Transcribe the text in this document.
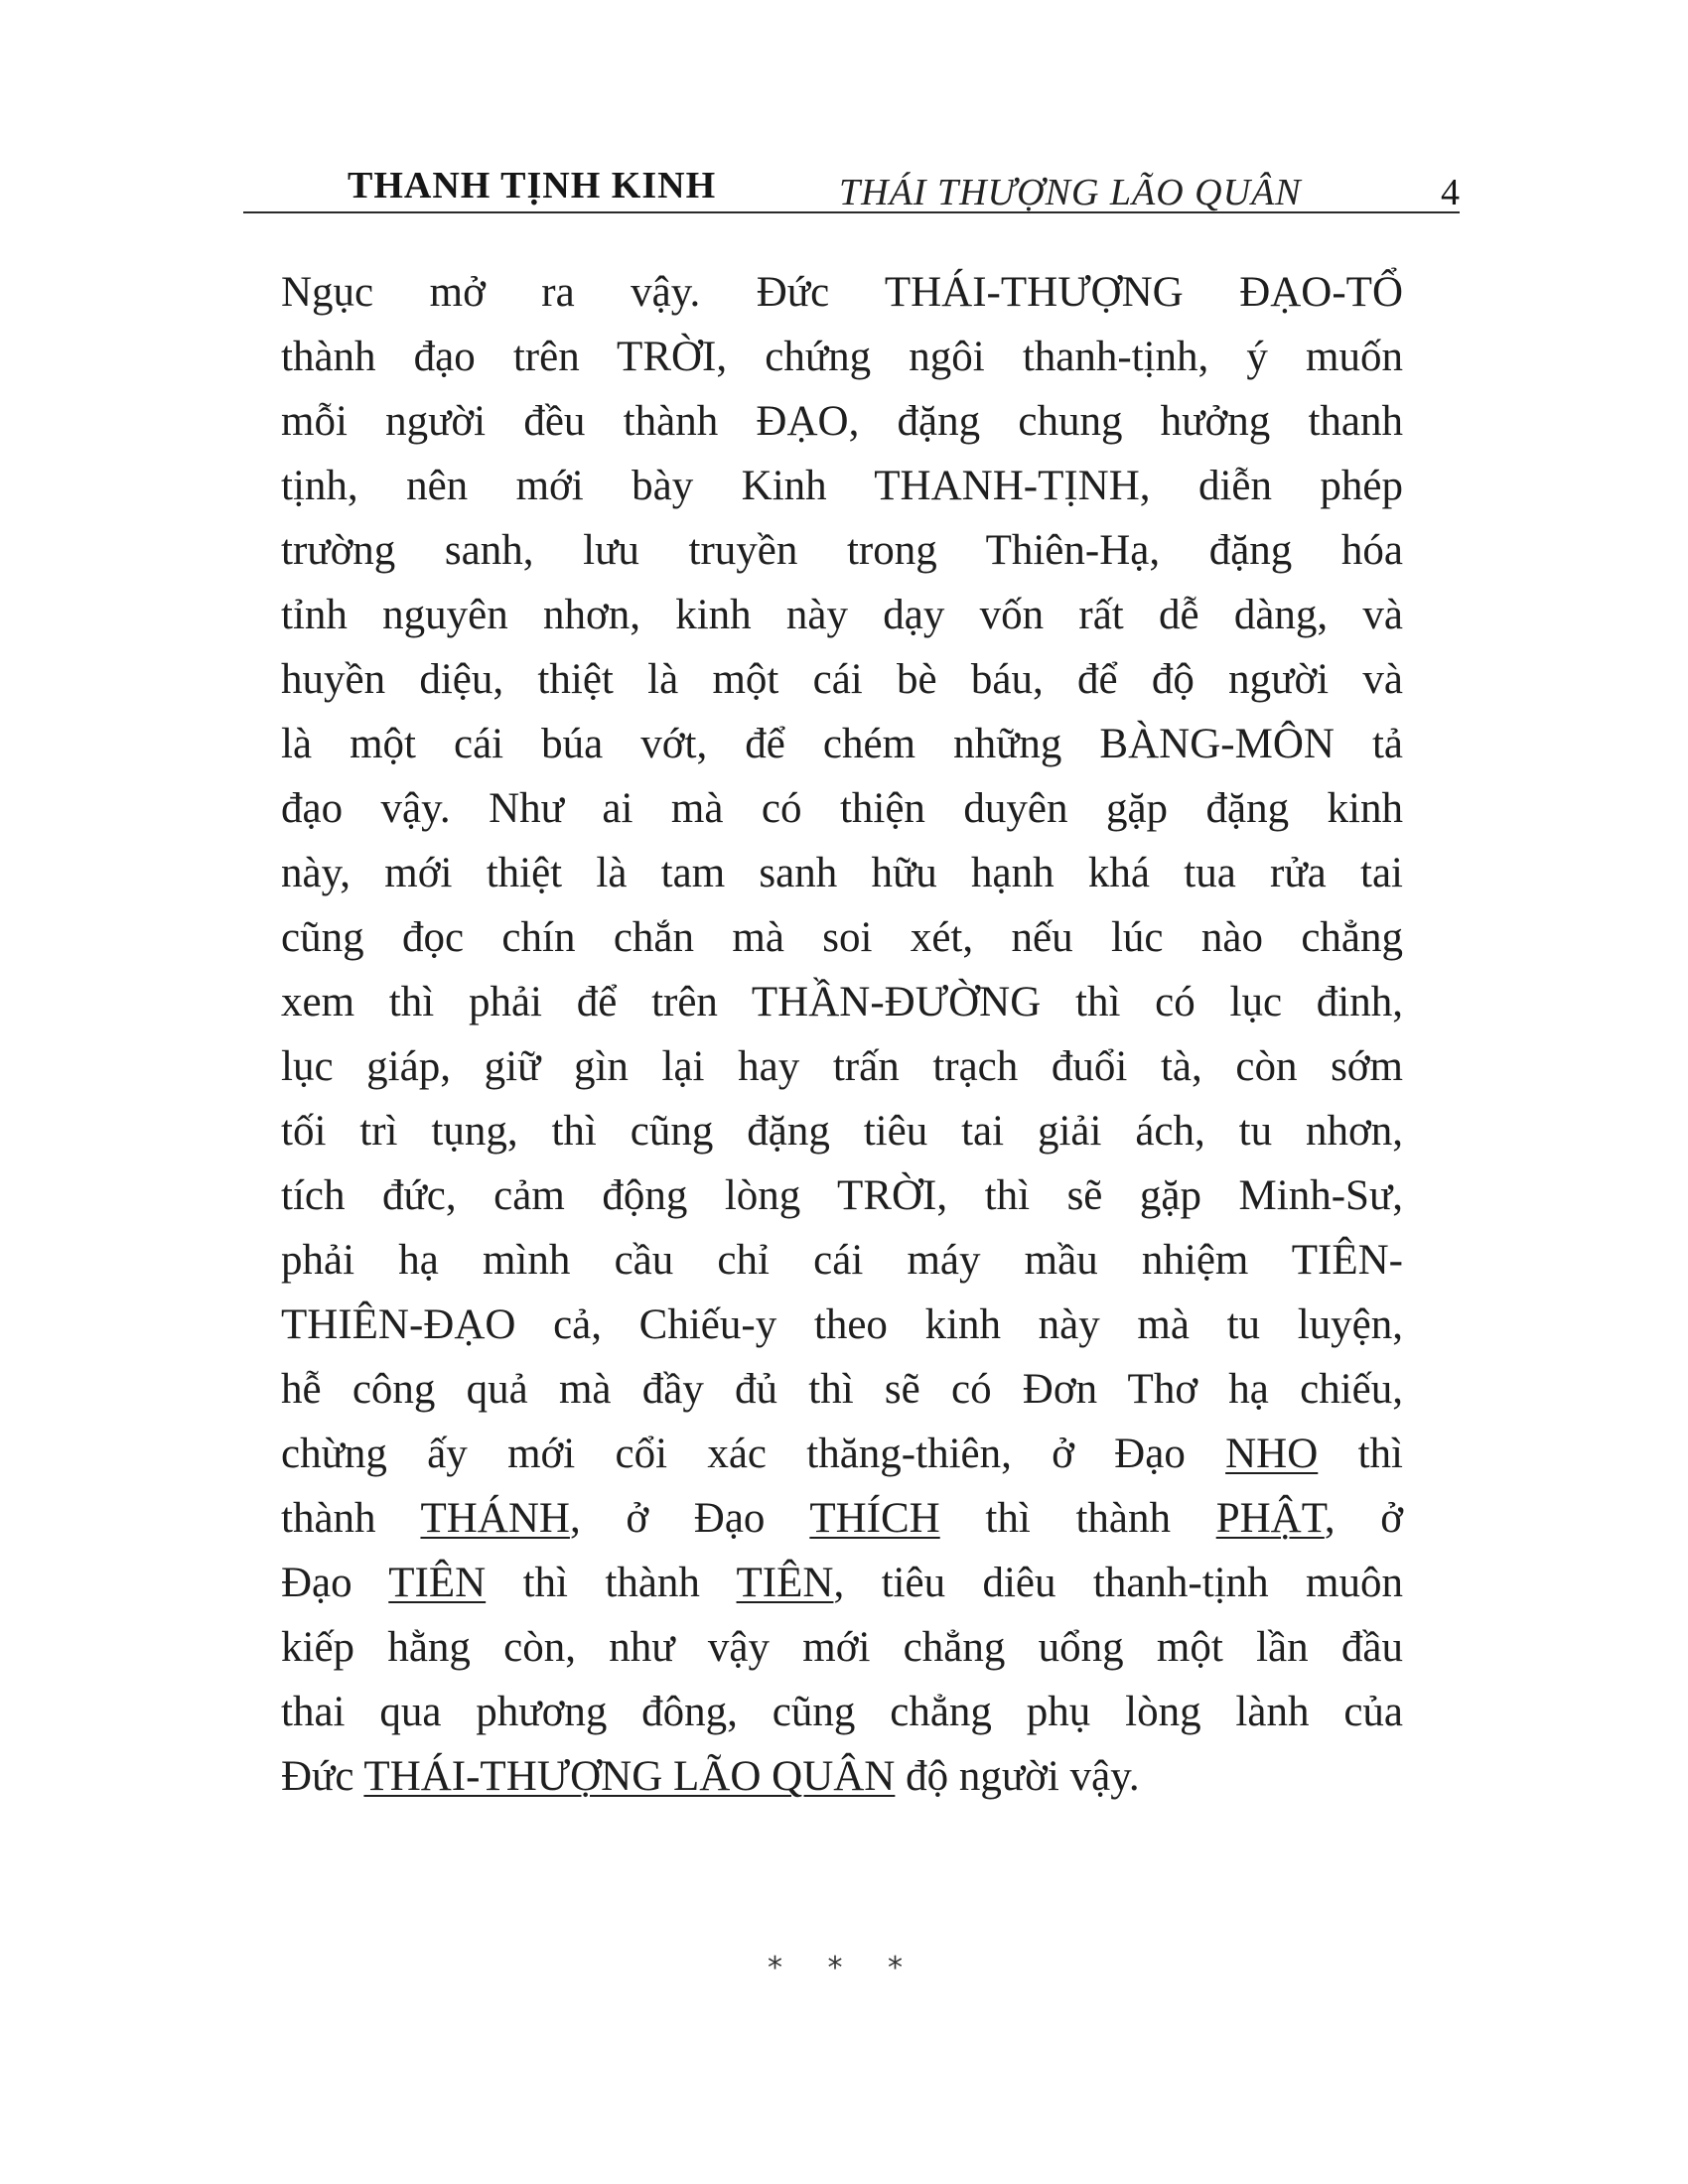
THANH TỊNH KINH	THÁI THƯỢNG LÃO QUÂN	4
Ngục mở ra vậy. Đức THÁI-THƯỢNG ĐẠO-TỔ
thành đạo trên TRỜI, chứng ngôi thanh-tịnh, ý muốn
mỗi người đều thành ĐẠO, đặng chung hưởng thanh
tịnh, nên mới bày Kinh THANH-TỊNH, diễn phép
trường sanh, lưu truyền trong Thiên-Hạ, đặng hóa
tỉnh nguyên nhơn, kinh này dạy vốn rất dễ dàng, và
huyền diệu, thiệt là một cái bè báu, để độ người và
là một cái búa vớt, để chém những BÀNG-MÔN tả
đạo vậy. Như ai mà có thiện duyên gặp đặng kinh
này, mới thiệt là tam sanh hữu hạnh khá tua rửa tai
cũng đọc chín chắn mà soi xét, nếu lúc nào chẳng
xem thì phải để trên THẦN-ĐƯỜNG thì có lục đinh,
lục giáp, giữ gìn lại hay trấn trạch đuổi tà, còn sớm
tối trì tụng, thì cũng đặng tiêu tai giải ách, tu nhơn,
tích đức, cảm động lòng TRỜI, thì sẽ gặp Minh-Sư,
phải hạ mình cầu chỉ cái máy mầu nhiệm TIÊN-
THIÊN-ĐẠO cả, Chiếu-y theo kinh này mà tu luyện,
hễ công quả mà đầy đủ thì sẽ có Đơn Thơ hạ chiếu,
chừng ấy mới cổi xác thăng-thiên, ở Đạo NHO thì
thành THÁNH, ở Đạo THÍCH thì thành PHẬT, ở
Đạo TIÊN thì thành TIÊN, tiêu diêu thanh-tịnh muôn
kiếp hằng còn, như vậy mới chẳng uổng một lần đầu
thai qua phương đông, cũng chẳng phụ lòng lành của
Đức THÁI-THƯỢNG LÃO QUÂN độ người vậy.
* * *
